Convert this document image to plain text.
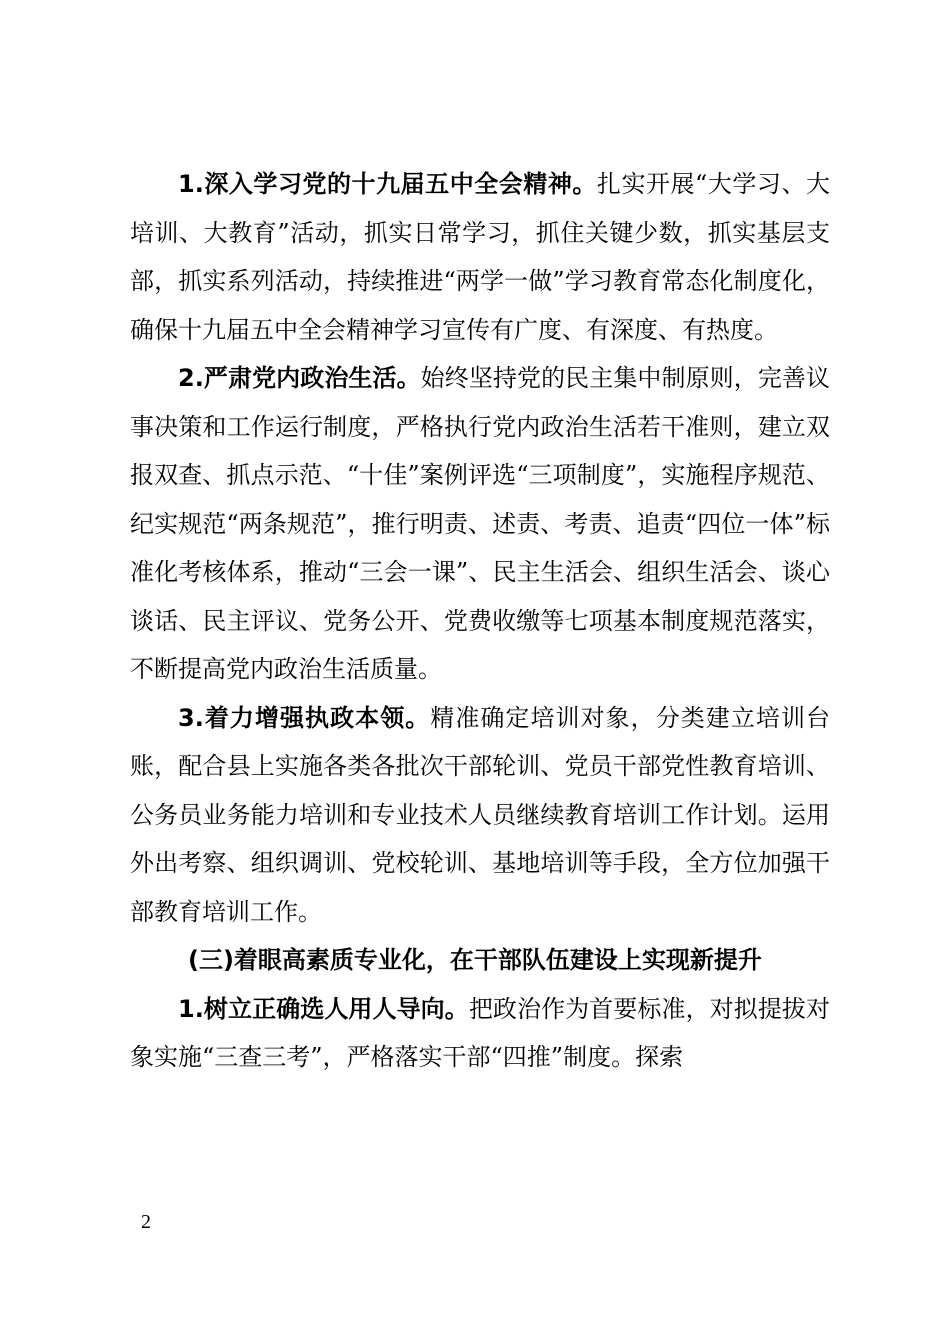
1.深入学习党的十九届五中全会精神。扎实开展“大学习、大培训、大教育”活动，抓实日常学习，抓住关键少数，抓实基层支部，抓实系列活动，持续推进“两学一做”学习教育常态化制度化，确保十九届五中全会精神学习宣传有广度、有深度、有热度。

2.严肃党内政治生活。始终坚持党的民主集中制原则，完善议事决策和工作运行制度，严格执行党内政治生活若干准则，建立双报双查、抓点示范、“十佳”案例评选“三项制度”，实施程序规范、纪实规范“两条规范”，推行明责、述责、考责、追责“四位一体”标准化考核体系，推动“三会一课”、民主生活会、组织生活会、谈心谈话、民主评议、党务公开、党费收缴等七项基本制度规范落实，不断提高党内政治生活质量。

3.着力增强执政本领。精准确定培训对象，分类建立培训台账，配合县上实施各类各批次干部轮训、党员干部党性教育培训、公务员业务能力培训和专业技术人员继续教育培训工作计划。运用外出考察、组织调训、党校轮训、基地培训等手段，全方位加强干部教育培训工作。

(三)着眼高素质专业化，在干部队伍建设上实现新提升

1.树立正确选人用人导向。把政治作为首要标准，对拟提拔对象实施“三查三考”，严格落实干部“四推”制度。探索

2
